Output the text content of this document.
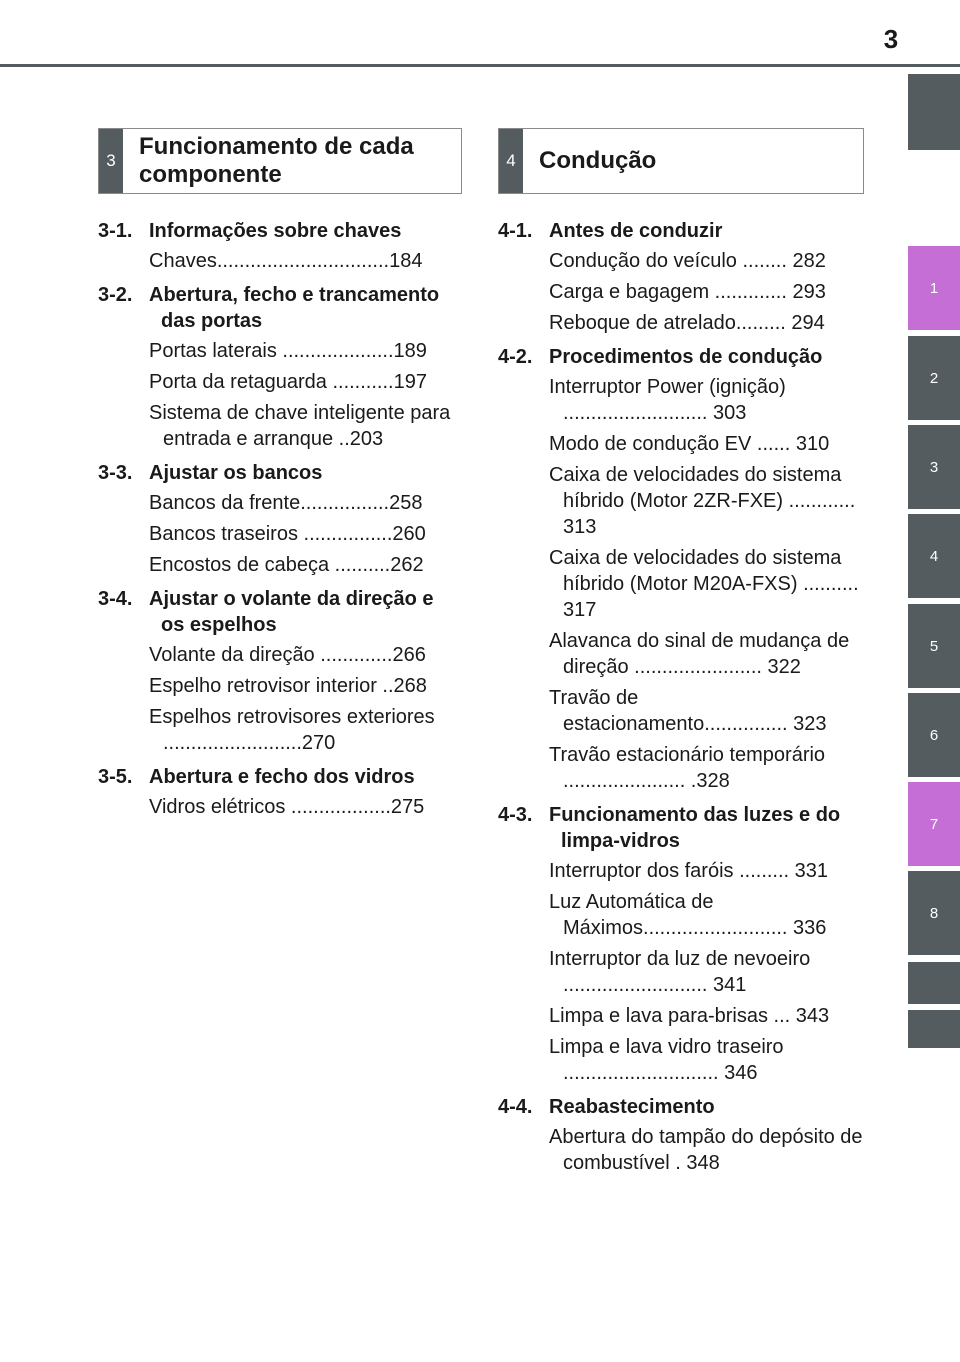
3
1
2
3
4
5
6
7
8
3
Funcionamento de cada
componente
3-1. Informações sobre chaves
Chaves...............................184
3-2. Abertura, fecho e trancamento das portas
Portas laterais ....................189
Porta da retaguarda ...........197
Sistema de chave inteligente para entrada e arranque ..203
3-3. Ajustar os bancos
Bancos da frente................258
Bancos traseiros ................260
Encostos de cabeça ..........262
3-4. Ajustar o volante da direção e os espelhos
Volante da direção .............266
Espelho retrovisor interior ..268
Espelhos retrovisores exteriores .........................270
3-5. Abertura e fecho dos vidros
Vidros elétricos ..................275
4 Condução
4-1. Antes de conduzir
Condução do veículo ........ 282
Carga e bagagem ............. 293
Reboque de atrelado......... 294
4-2. Procedimentos de condução
Interruptor Power (ignição) .......................... 303
Modo de condução EV ...... 310
Caixa de velocidades do sistema híbrido (Motor 2ZR-FXE) ............ 313
Caixa de velocidades do sistema híbrido (Motor M20A-FXS) .......... 317
Alavanca do sinal de mudança de direção ....................... 322
Travão de estacionamento............... 323
Travão estacionário temporário ...................... .328
4-3. Funcionamento das luzes e do limpa-vidros
Interruptor dos faróis ......... 331
Luz Automática de Máximos.......................... 336
Interruptor da luz de nevoeiro .......................... 341
Limpa e lava para-brisas ... 343
Limpa e lava vidro traseiro ............................ 346
4-4. Reabastecimento
Abertura do tampão do depósito de combustível . 348
